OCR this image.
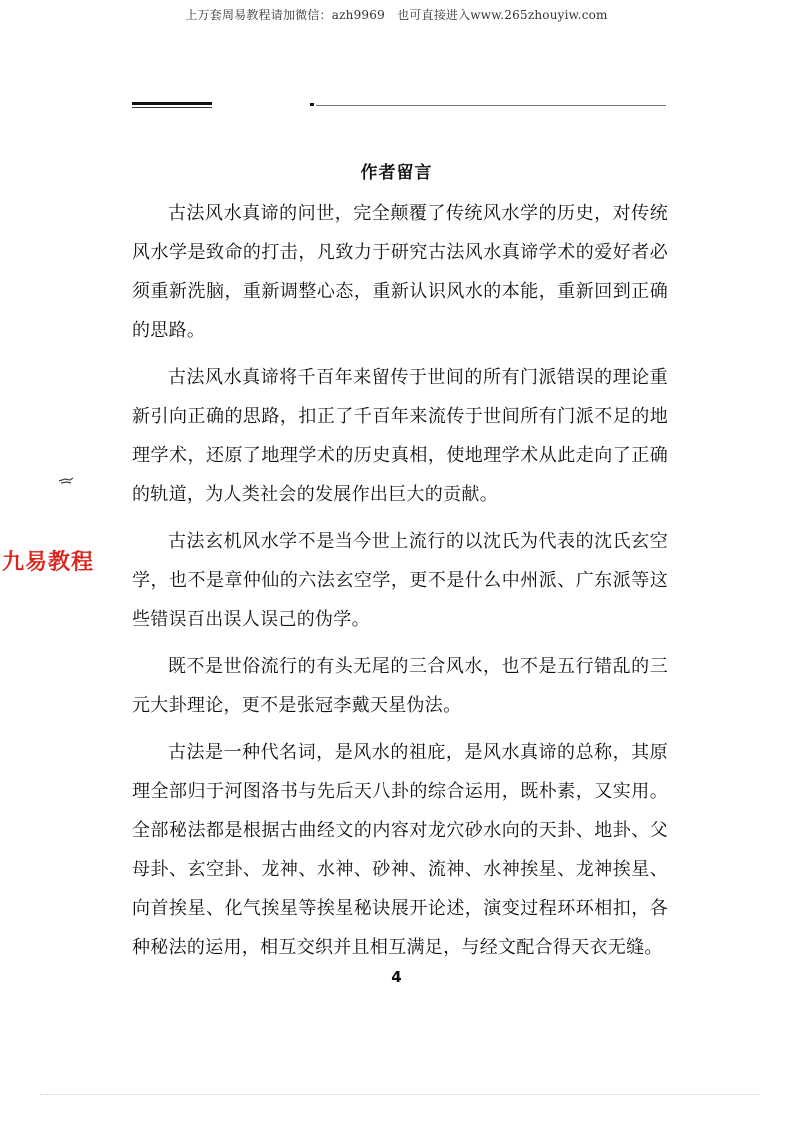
上万套周易教程请加微信：azh9969　也可直接进入www.265zhouyiw.com
作者留言

古法风水真谛的问世，完全颠覆了传统风水学的历史，对传统风水学是致命的打击，凡致力于研究古法风水真谛学术的爱好者必须重新洗脑，重新调整心态，重新认识风水的本能，重新回到正确的思路。

古法风水真谛将千百年来留传于世间的所有门派错误的理论重新引向正确的思路，扣正了千百年来流传于世间所有门派不足的地理学术，还原了地理学术的历史真相，使地理学术从此走向了正确的轨道，为人类社会的发展作出巨大的贡献。

古法玄机风水学不是当今世上流行的以沈氏为代表的沈氏玄空学，也不是章仲仙的六法玄空学，更不是什么中州派、广东派等这些错误百出误人误己的伪学。

既不是世俗流行的有头无尾的三合风水，也不是五行错乱的三元大卦理论，更不是张冠李戴天星伪法。

古法是一种代名词，是风水的祖庇，是风水真谛的总称，其原理全部归于河图洛书与先后天八卦的综合运用，既朴素，又实用。全部秘法都是根据古曲经文的内容对龙穴砂水向的天卦、地卦、父母卦、玄空卦、龙神、水神、砂神、流神、水神挨星、龙神挨星、向首挨星、化气挨星等挨星秘诀展开论述，演变过程环环相扣，各种秘法的运用，相互交织并且相互满足，与经文配合得天衣无缝。

九易教程
4
